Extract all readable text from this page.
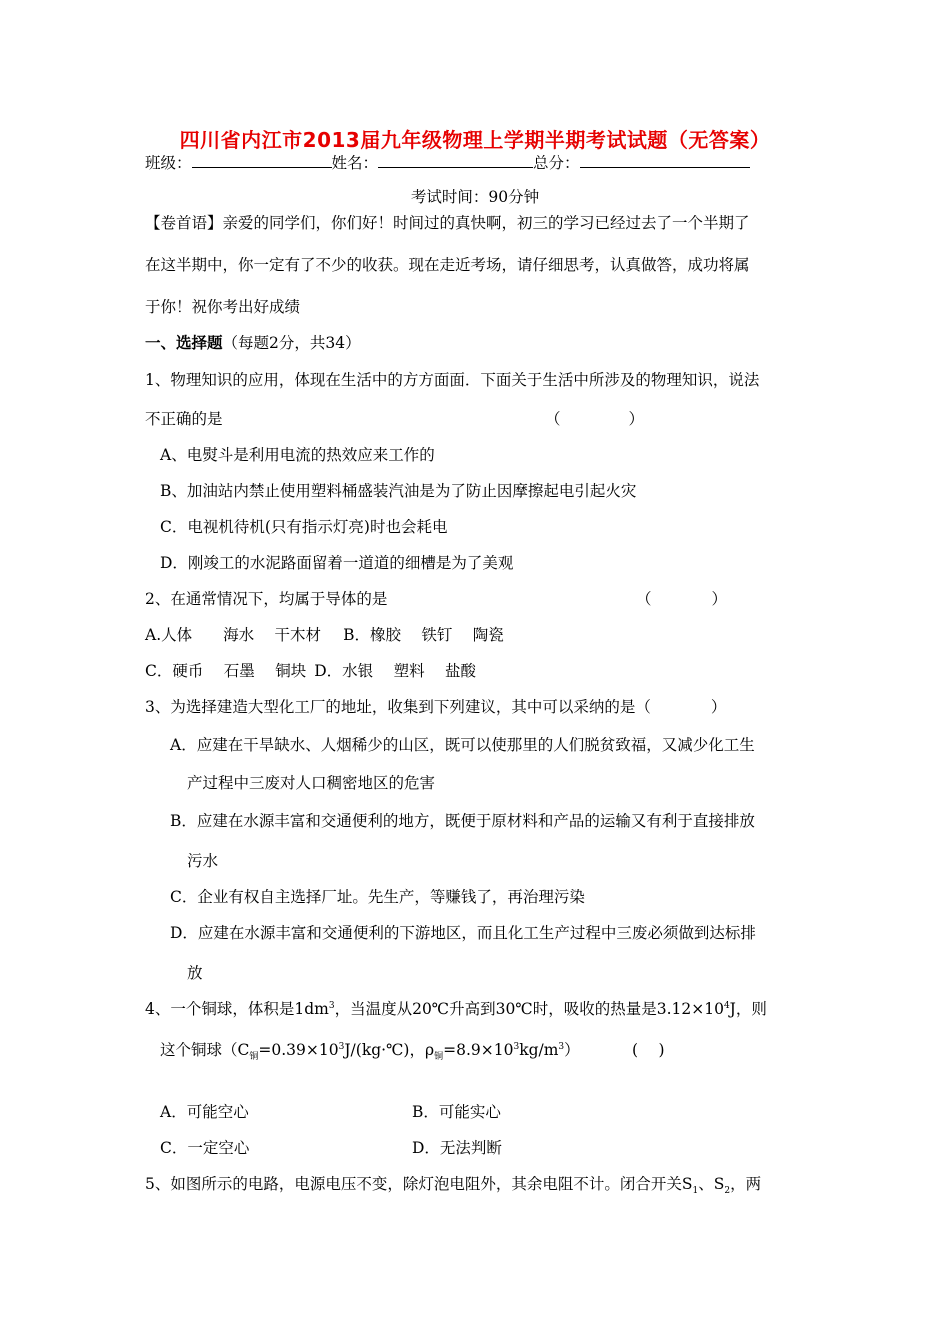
四川省内江市2013届九年级物理上学期半期考试试题（无答案）
班级：	姓名：	总分：
考试时间：90分钟
【卷首语】亲爱的同学们，你们好！时间过的真快啊，初三的学习已经过去了一个半期了
在这半期中，你一定有了不少的收获。现在走近考场，请仔细思考，认真做答，成功将属
于你！祝你考出好成绩
一、选择题（每题2分，共34）
1、物理知识的应用，体现在生活中的方方面面．下面关于生活中所涉及的物理知识，说法
不正确的是	（	）
A、电熨斗是利用电流的热效应来工作的
B、加油站内禁止使用塑料桶盛装汽油是为了防止因摩擦起电引起火灾
C．电视机待机(只有指示灯亮)时也会耗电
D．刚竣工的水泥路面留着一道道的细槽是为了美观
2、在通常情况下，均属于导体的是	（	）
A.人体　　海水　 干木材 B．橡胶　 铁钉　 陶瓷
C．硬币　 石墨　 铜块 D．水银　 塑料　 盐酸
3、为选择建造大型化工厂的地址，收集到下列建议，其中可以采纳的是（	）
A．应建在干旱缺水、人烟稀少的山区，既可以使那里的人们脱贫致福，又减少化工生
产过程中三废对人口稠密地区的危害
B．应建在水源丰富和交通便利的地方，既便于原材料和产品的运输又有利于直接排放
污水
C．企业有权自主选择厂址。先生产，等赚钱了，再治理污染
D．应建在水源丰富和交通便利的下游地区，而且化工生产过程中三废必须做到达标排
放
4、一个铜球，体积是$1dm^3$，当温度从20℃升高到30℃时，吸收的热量是$3.12\times 10^4J$，则
这个铜球（$C_铜=0.39\times 10^3J/(kg\cdot℃)$，$\rho_铜=8.9\times 10^3kg/m^3$）	(　 )
A．可能空心	B．可能实心
C．一定空心	D．无法判断
5、如图所示的电路，电源电压不变，除灯泡电阻外，其余电阻不计。闭合开关$S_1$、$S_2$，两
